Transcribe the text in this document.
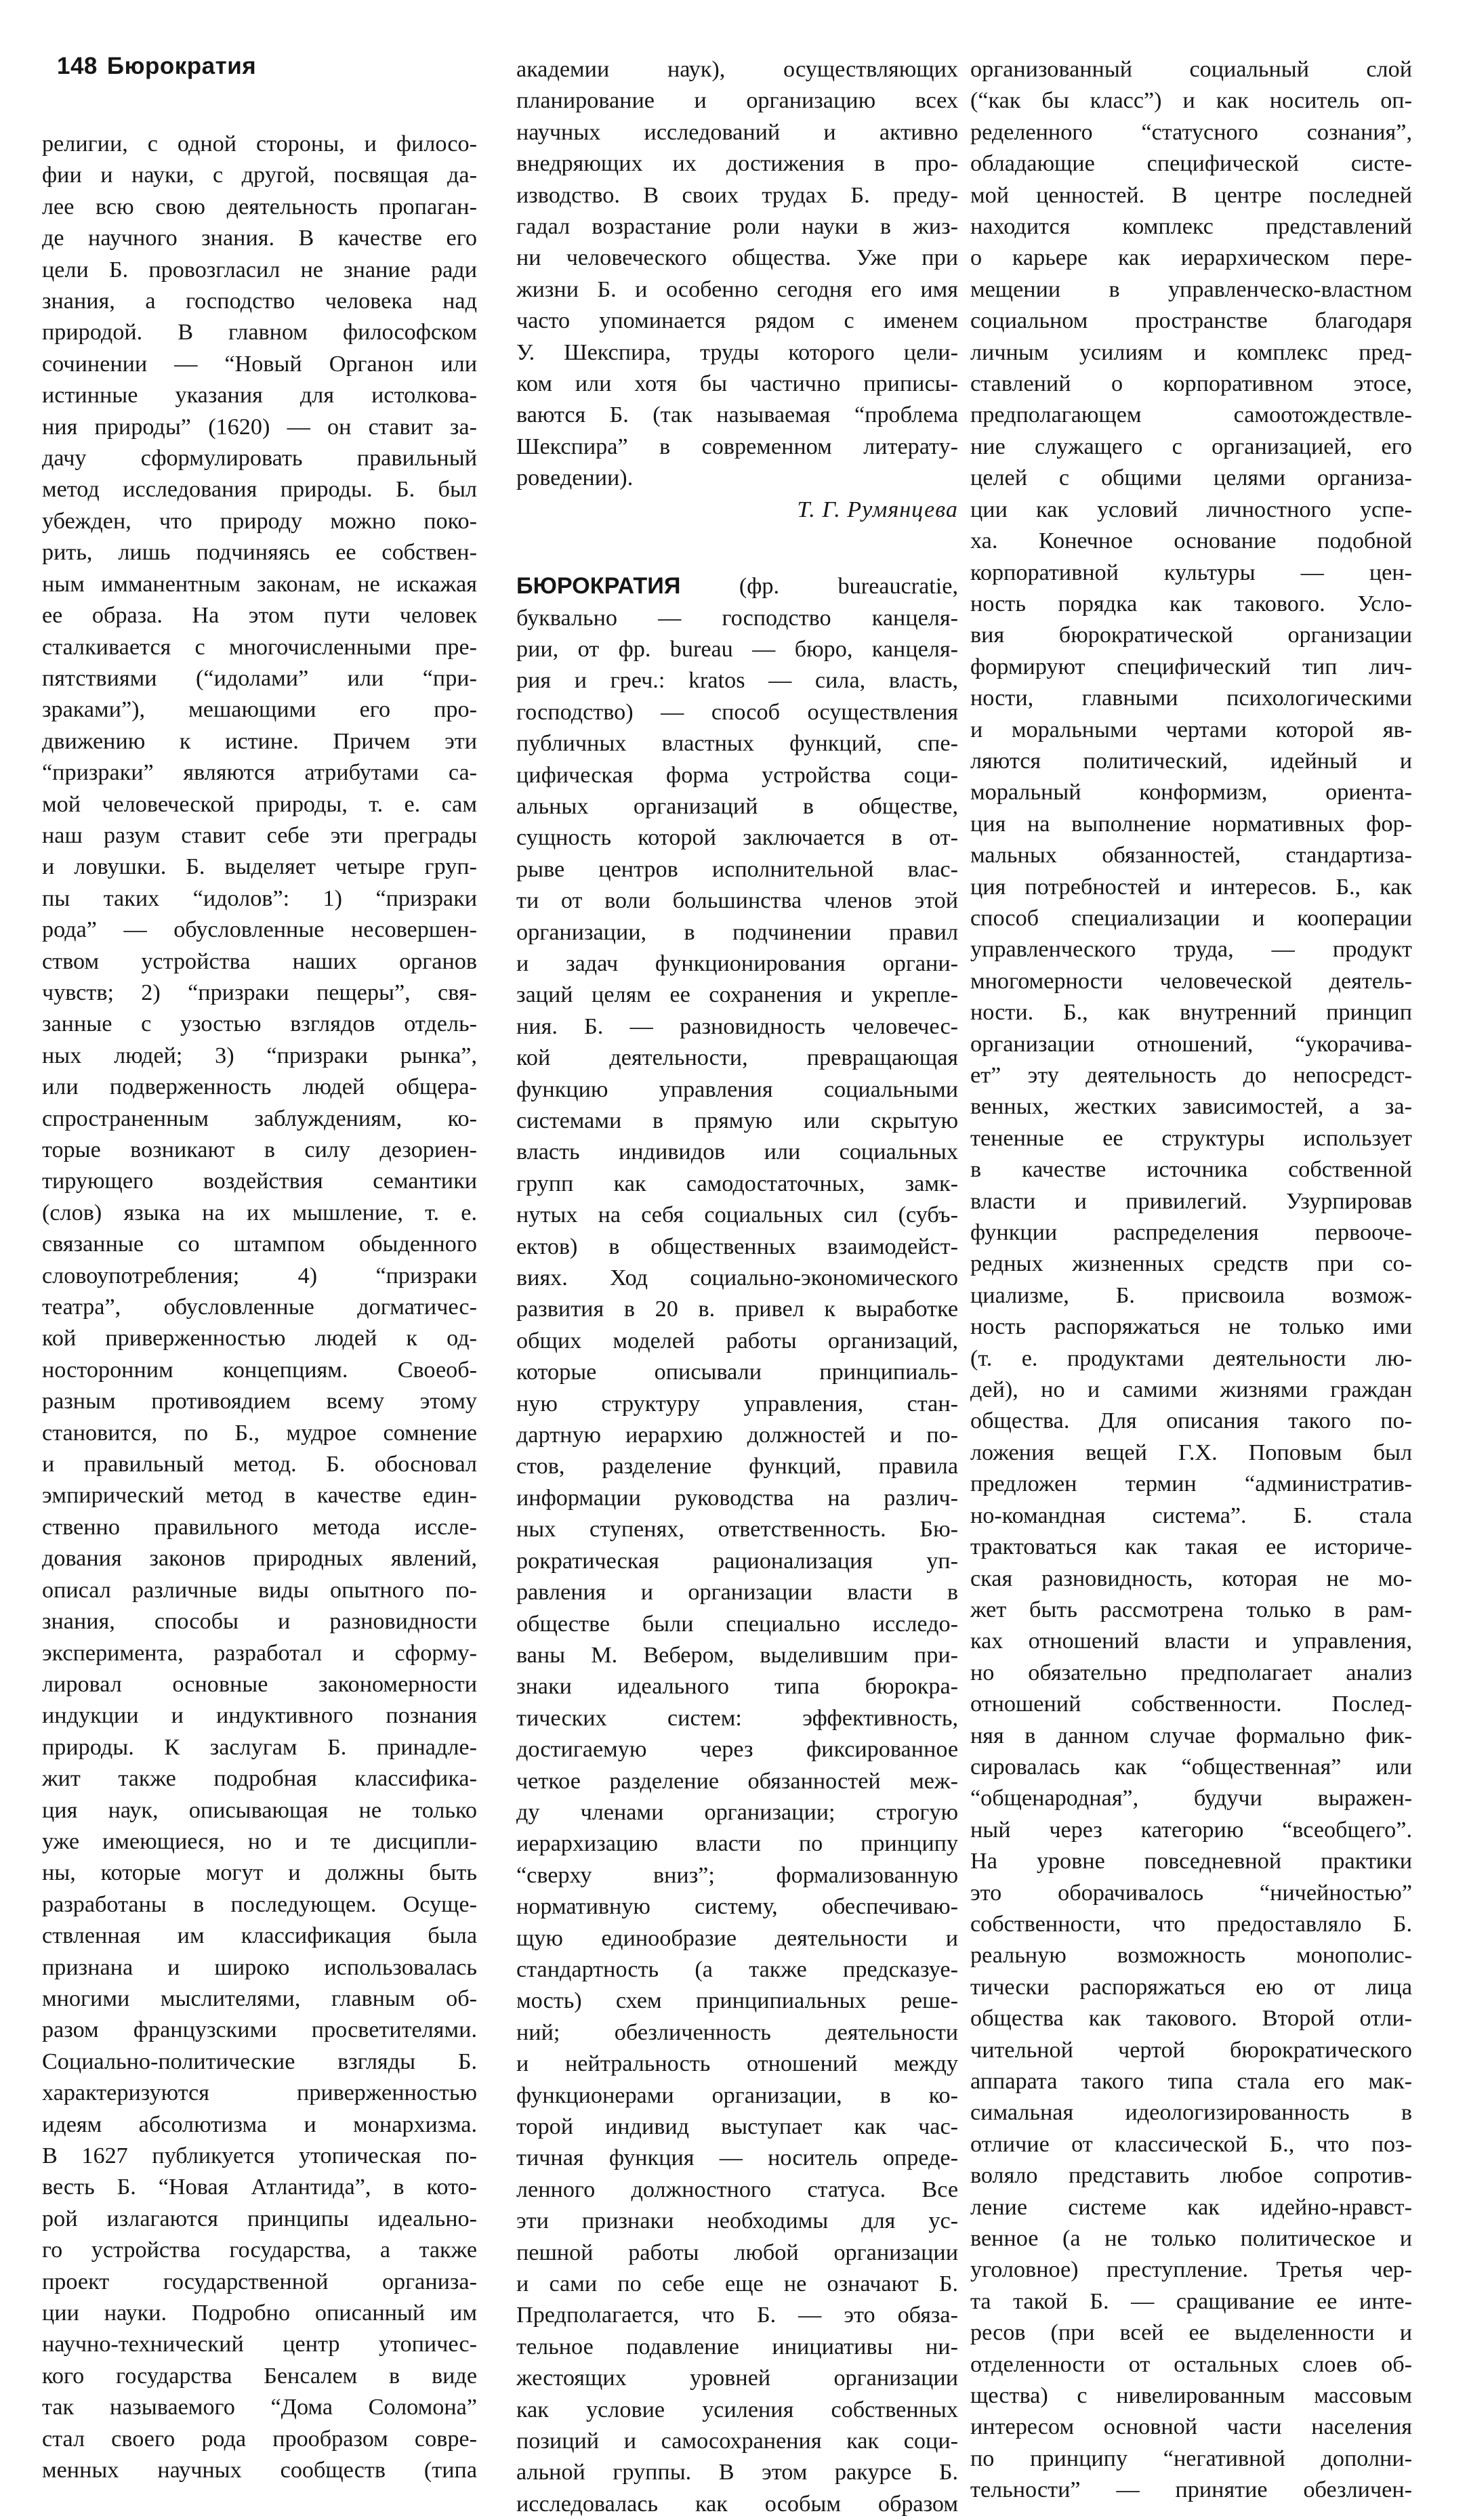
148 Бюрократия

религии, с одной стороны, и филосо-

фии и науки, с другой, посвящая да-

лее всю свою деятельность пропаган-

де научного знания. В качестве его

цели Б. провозгласил не знание ради

знания, а господство человека над

природой. В главном философском

сочинении — “Новый Органон или

истинные указания для истолкова-

ния природы” (1620) — он ставит за-

дачу сформулировать правильный

метод исследования природы. Б. был

убежден, что природу можно поко-

рить, лишь подчиняясь ее собствен-

ным имманентным законам, не искажая

ее образа. На этом пути человек

сталкивается с многочисленными пре-

пятствиями (“идолами” или “при-

зраками”), мешающими его про-

движению к истине. Причем эти

“призраки” являются атрибутами са-

мой человеческой природы, т. е. сам

наш разум ставит себе эти преграды

и ловушки. Б. выделяет четыре груп-

пы таких “идолов”: 1) “призраки

рода” — обусловленные несовершен-

ством устройства наших органов

чувств; 2) “призраки пещеры”, свя-

занные с узостью взглядов отдель-

ных людей; 3) “призраки рынка”,

или подверженность людей общера-

спространенным заблуждениям, ко-

торые возникают в силу дезориен-

тирующего воздействия семантики

(слов) языка на их мышление, т. е.

связанные со штампом обыденного

словоупотребления; 4) “призраки

театра”, обусловленные догматичес-

кой приверженностью людей к од-

носторонним концепциям. Своеоб-

разным противоядием всему этому

становится, по Б., мудрое сомнение

и правильный метод. Б. обосновал

эмпирический метод в качестве един-

ственно правильного метода иссле-

дования законов природных явлений,

описал различные виды опытного по-

знания, способы и разновидности

эксперимента, разработал и сформу-

лировал основные закономерности

индукции и индуктивного познания

природы. К заслугам Б. принадле-

жит также подробная классифика-

ция наук, описывающая не только

уже имеющиеся, но и те дисципли-

ны, которые могут и должны быть

разработаны в последующем. Осуще-

ствленная им классификация была

признана и широко использовалась

многими мыслителями, главным об-

разом французскими просветителями.

Социально-политические взгляды Б.

характеризуются приверженностью

идеям абсолютизма и монархизма.

В 1627 публикуется утопическая по-

весть Б. “Новая Атлантида”, в кото-

рой излагаются принципы идеально-

го устройства государства, а также

проект государственной организа-

ции науки. Подробно описанный им

научно-технический центр утопичес-

кого государства Бенсалем в виде

так называемого “Дома Соломона”

стал своего рода прообразом совре-

менных научных сообществ (типа

академии наук), осуществляющих

планирование и организацию всех

научных исследований и активно

внедряющих их достижения в про-

изводство. В своих трудах Б. преду-

гадал возрастание роли науки в жиз-

ни человеческого общества. Уже при

жизни Б. и особенно сегодня его имя

часто упоминается рядом с именем

У. Шекспира, труды которого цели-

ком или хотя бы частично приписы-

ваются Б. (так называемая “проблема

Шекспира” в современном литерату-

роведении).

Т. Г. Румянцева

БЮРОКРАТИЯ (фр. bureaucratie,

буквально — господство канцеля-

рии, от фр. bureau — бюро, канцеля-

рия и греч.: kratos — сила, власть,

господство) — способ осуществления

публичных властных функций, спе-

цифическая форма устройства соци-

альных организаций в обществе,

сущность которой заключается в от-

рыве центров исполнительной влас-

ти от воли большинства членов этой

организации, в подчинении правил

и задач функционирования органи-

заций целям ее сохранения и укрепле-

ния. Б. — разновидность человечес-

кой деятельности, превращающая

функцию управления социальными

системами в прямую или скрытую

власть индивидов или социальных

групп как самодостаточных, замк-

нутых на себя социальных сил (субъ-

ектов) в общественных взаимодейст-

виях. Ход социально-экономического

развития в 20 в. привел к выработке

общих моделей работы организаций,

которые описывали принципиаль-

ную структуру управления, стан-

дартную иерархию должностей и по-

стов, разделение функций, правила

информации руководства на различ-

ных ступенях, ответственность. Бю-

рократическая рационализация уп-

равления и организации власти в

обществе были специально исследо-

ваны М. Вебером, выделившим при-

знаки идеального типа бюрокра-

тических систем: эффективность,

достигаемую через фиксированное

четкое разделение обязанностей меж-

ду членами организации; строгую

иерархизацию власти по принципу

“сверху вниз”; формализованную

нормативную систему, обеспечиваю-

щую единообразие деятельности и

стандартность (а также предсказуе-

мость) схем принципиальных реше-

ний; обезличенность деятельности

и нейтральность отношений между

функционерами организации, в ко-

торой индивид выступает как час-

тичная функция — носитель опреде-

ленного должностного статуса. Все

эти признаки необходимы для ус-

пешной работы любой организации

и сами по себе еще не означают Б.

Предполагается, что Б. — это обяза-

тельное подавление инициативы ни-

жестоящих уровней организации

как условие усиления собственных

позиций и самосохранения как соци-

альной группы. В этом ракурсе Б.

исследовалась как особым образом

организованный социальный слой

(“как бы класс”) и как носитель оп-

ределенного “статусного сознания”,

обладающие специфической систе-

мой ценностей. В центре последней

находится комплекс представлений

о карьере как иерархическом пере-

мещении в управленческо-властном

социальном пространстве благодаря

личным усилиям и комплекс пред-

ставлений о корпоративном этосе,

предполагающем самоотождествле-

ние служащего с организацией, его

целей с общими целями организа-

ции как условий личностного успе-

ха. Конечное основание подобной

корпоративной культуры — цен-

ность порядка как такового. Усло-

вия бюрократической организации

формируют специфический тип лич-

ности, главными психологическими

и моральными чертами которой яв-

ляются политический, идейный и

моральный конформизм, ориента-

ция на выполнение нормативных фор-

мальных обязанностей, стандартиза-

ция потребностей и интересов. Б., как

способ специализации и кооперации

управленческого труда, — продукт

многомерности человеческой деятель-

ности. Б., как внутренний принцип

организации отношений, “укорачива-

ет” эту деятельность до непосредст-

венных, жестких зависимостей, а за-

тененные ее структуры использует

в качестве источника собственной

власти и привилегий. Узурпировав

функции распределения первооче-

редных жизненных средств при со-

циализме, Б. присвоила возмож-

ность распоряжаться не только ими

(т. е. продуктами деятельности лю-

дей), но и самими жизнями граждан

общества. Для описания такого по-

ложения вещей Г.Х. Поповым был

предложен термин “административ-

но-командная система”. Б. стала

трактоваться как такая ее историче-

ская разновидность, которая не мо-

жет быть рассмотрена только в рам-

ках отношений власти и управления,

но обязательно предполагает анализ

отношений собственности. Послед-

няя в данном случае формально фик-

сировалась как “общественная” или

“общенародная”, будучи выражен-

ный через категорию “всеобщего”.

На уровне повседневной практики

это оборачивалось “ничейностью”

собственности, что предоставляло Б.

реальную возможность монополис-

тически распоряжаться ею от лица

общества как такового. Второй отли-

чительной чертой бюрократического

аппарата такого типа стала его мак-

симальная идеологизированность в

отличие от классической Б., что поз-

воляло представить любое сопротив-

ление системе как идейно-нравст-

венное (а не только политическое и

уголовное) преступление. Третья чер-

та такой Б. — сращивание ее инте-

ресов (при всей ее выделенности и

отделенности от остальных слоев об-

щества) с нивелированным массовым

интересом основной части населения

по принципу “негативной дополни-

тельности” — принятие обезличен-
